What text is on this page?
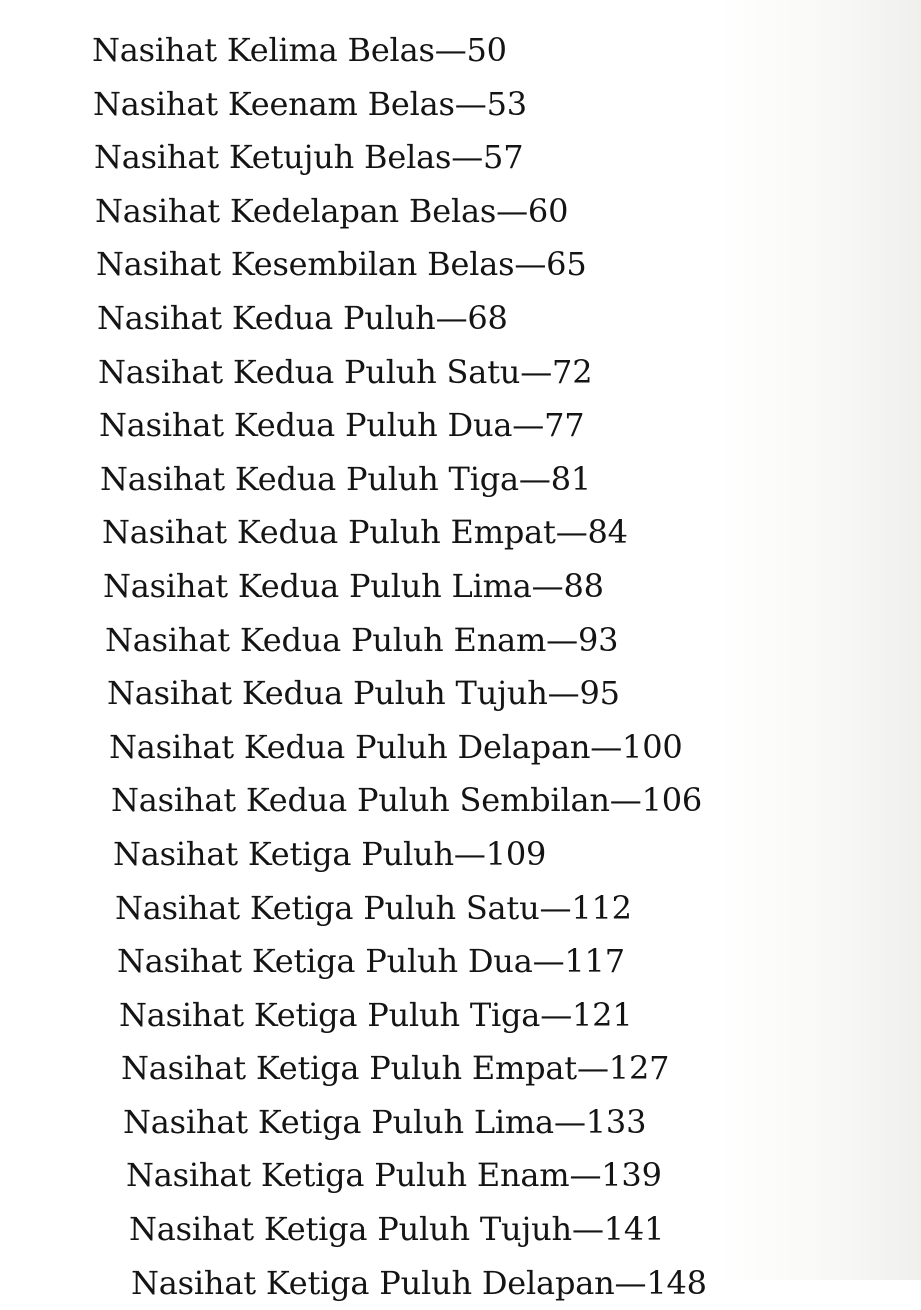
Nasihat Kelima Belas—50
Nasihat Keenam Belas—53
Nasihat Ketujuh Belas—57
Nasihat Kedelapan Belas—60
Nasihat Kesembilan Belas—65
Nasihat Kedua Puluh—68
Nasihat Kedua Puluh Satu—72
Nasihat Kedua Puluh Dua—77
Nasihat Kedua Puluh Tiga—81
Nasihat Kedua Puluh Empat—84
Nasihat Kedua Puluh Lima—88
Nasihat Kedua Puluh Enam—93
Nasihat Kedua Puluh Tujuh—95
Nasihat Kedua Puluh Delapan—100
Nasihat Kedua Puluh Sembilan—106
Nasihat Ketiga Puluh—109
Nasihat Ketiga Puluh Satu—112
Nasihat Ketiga Puluh Dua—117
Nasihat Ketiga Puluh Tiga—121
Nasihat Ketiga Puluh Empat—127
Nasihat Ketiga Puluh Lima—133
Nasihat Ketiga Puluh Enam—139
Nasihat Ketiga Puluh Tujuh—141
Nasihat Ketiga Puluh Delapan—148
